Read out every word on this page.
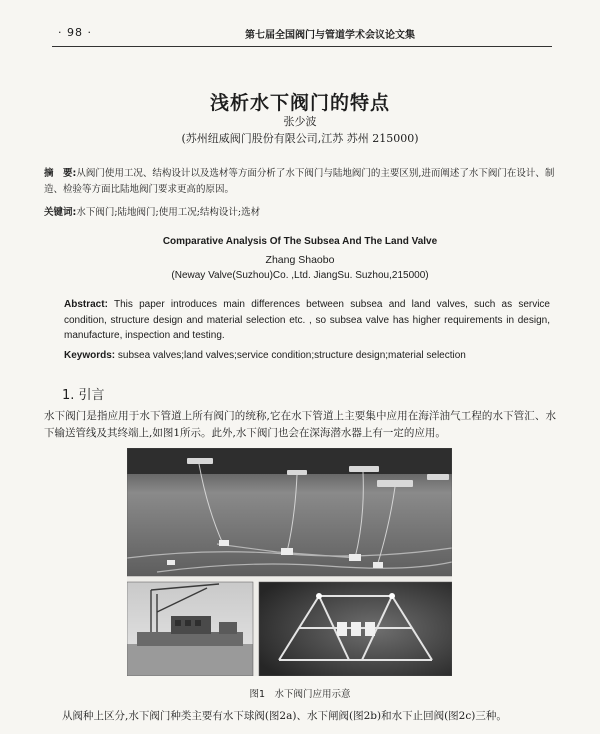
· 98 ·	第七届全国阀门与管道学术会议论文集
浅析水下阀门的特点
张少波
(苏州纽威阀门股份有限公司,江苏 苏州 215000)
摘　要:从阀门使用工况、结构设计以及选材等方面分析了水下阀门与陆地阀门的主要区别,进而阐述了水下阀门在设计、制造、检验等方面比陆地阀门要求更高的原因。
关键词:水下阀门;陆地阀门;使用工况;结构设计;选材
Comparative Analysis Of The Subsea And The Land Valve
Zhang Shaobo
(Neway Valve(Suzhou)Co. ,Ltd. JiangSu. Suzhou,215000)
Abstract: This paper introduces main differences between subsea and land valves, such as service condition, structure design and material selection etc. , so subsea valve has higher requirements in design, manufacture, inspection and testing.
Keywords: subsea valves;land valves;service condition;structure design;material selection
1. 引言
水下阀门是指应用于水下管道上所有阀门的统称,它在水下管道上主要集中应用在海洋油气工程的水下管汇、水下输送管线及其终端上,如图1所示。此外,水下阀门也会在深海潜水器上有一定的应用。
图1　水下阀门应用示意
从阀种上区分,水下阀门种类主要有水下球阀(图2a)、水下闸阀(图2b)和水下止回阀(图2c)三种。
